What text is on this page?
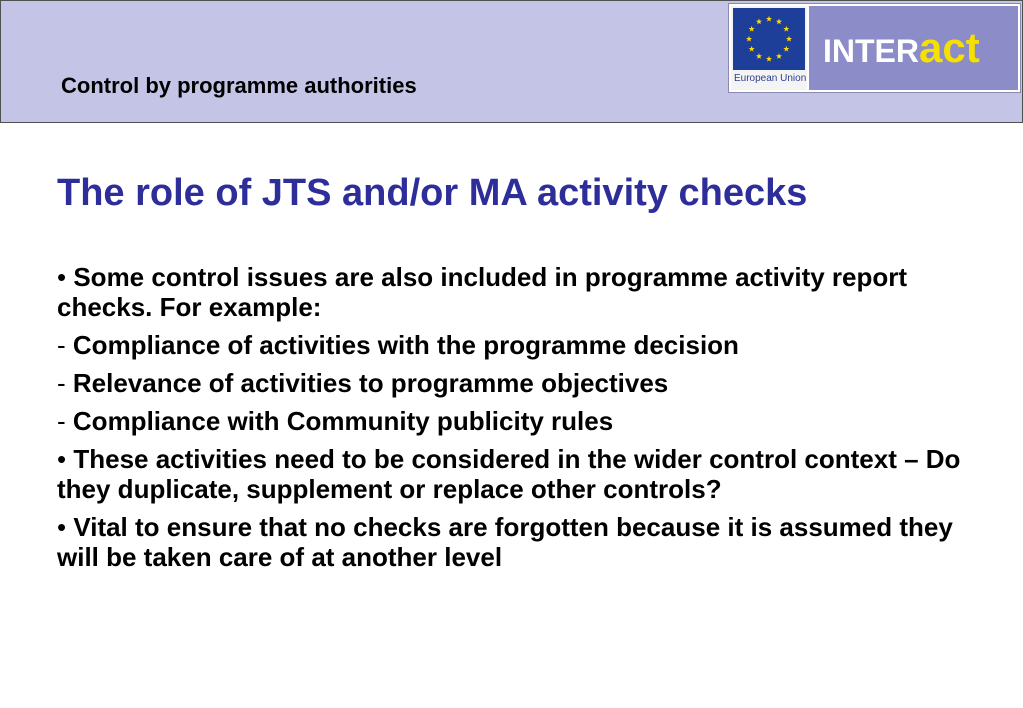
Control by programme authorities	European Union
INTERact
The role of JTS and/or MA activity checks
• Some control issues are also included in programme activity report checks. For example:
- Compliance of activities with the programme decision
- Relevance of activities to programme objectives
- Compliance with Community publicity rules
• These activities need to be considered in the wider control context – Do they duplicate, supplement or replace other controls?
• Vital to ensure that no checks are forgotten because it is assumed they will be taken care of at another level
